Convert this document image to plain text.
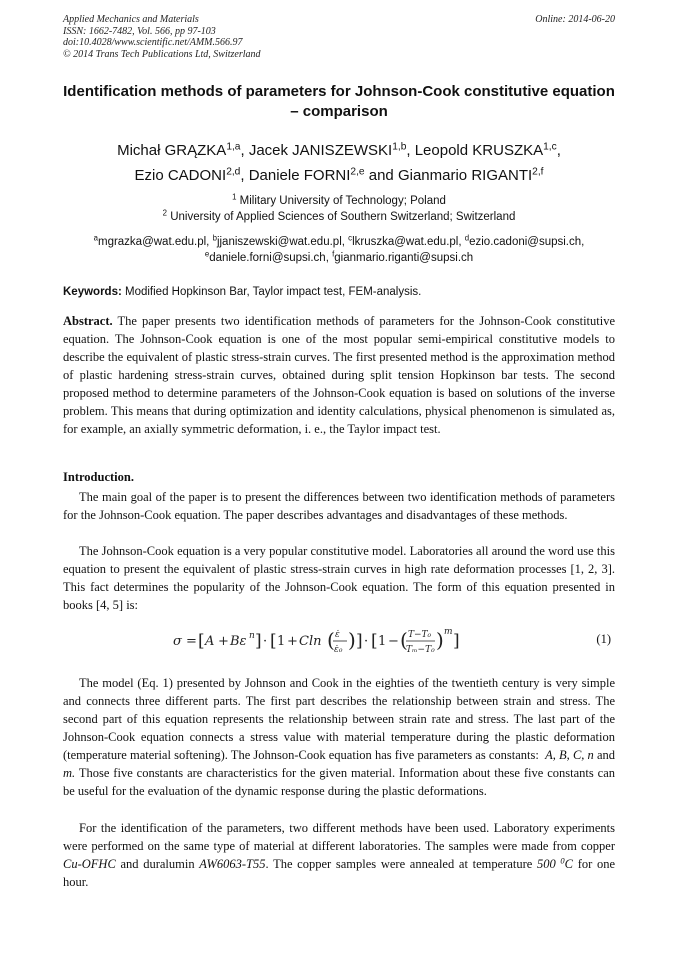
Applied Mechanics and Materials
ISSN: 1662-7482, Vol. 566, pp 97-103
doi:10.4028/www.scientific.net/AMM.566.97
© 2014 Trans Tech Publications Ltd, Switzerland
Online: 2014-06-20
Identification methods of parameters for Johnson-Cook constitutive equation – comparison
Michał GRĄZKA$^{1,a}$, Jacek JANISZEWSKI$^{1,b}$, Leopold KRUSZKA$^{1,c}$,
Ezio CADONI$^{2,d}$, Daniele FORNI$^{2,e}$ and Gianmario RIGANTI$^{2,f}$
$^1$ Military University of Technology; Poland
$^2$ University of Applied Sciences of Southern Switzerland; Switzerland
$^a$mgrazka@wat.edu.pl, $^b$jjaniszewski@wat.edu.pl, $^c$lkruszka@wat.edu.pl, $^d$ezio.cadoni@supsi.ch,
$^e$daniele.forni@supsi.ch, $^f$gianmario.riganti@supsi.ch
Keywords: Modified Hopkinson Bar, Taylor impact test, FEM-analysis.
Abstract. The paper presents two identification methods of parameters for the Johnson-Cook constitutive equation. The Johnson-Cook equation is one of the most popular semi-empirical constitutive models to describe the equivalent of plastic stress-strain curves. The first presented method is the approximation method of plastic hardening stress-strain curves, obtained during split tension Hopkinson bar tests. The second proposed method to determine parameters of the Johnson-Cook equation is based on solutions of the inverse problem. This means that during optimization and identity calculations, physical phenomenon is simulated as, for example, an axially symmetric deformation, i. e., the Taylor impact test.
Introduction.
The main goal of the paper is to present the differences between two identification methods of parameters for the Johnson-Cook equation. The paper describes advantages and disadvantages of these methods.
The Johnson-Cook equation is a very popular constitutive model. Laboratories all around the word use this equation to present the equivalent of plastic stress-strain curves in high rate deformation processes [1, 2, 3]. This fact determines the popularity of the Johnson-Cook equation. The form of this equation presented in books [4, 5] is:
σ = [ A + Bε n ] · [ 1 + Cln ( ε̇
ε̇₀ ) ] · [ 1 − ( T−T₀
Tₘ−T₀ ) m ]	(1)
The model (Eq. 1) presented by Johnson and Cook in the eighties of the twentieth century is very simple and connects three different parts. The first part describes the relationship between strain and stress. The second part of this equation represents the relationship between strain rate and stress. The last part of the Johnson-Cook equation connects a stress value with material temperature during the plastic deformation (temperature material softening). The Johnson-Cook equation has five parameters as constants: A, B, C, n and m. Those five constants are characteristics for the given material. Information about these five constants can be useful for the evaluation of the dynamic response during the plastic deformations.
For the identification of the parameters, two different methods have been used. Laboratory experiments were performed on the same type of material at different laboratories. The samples were made from copper Cu-OFHC and duralumin AW6063-T55. The copper samples were annealed at temperature 500 $^0$C for one hour.
